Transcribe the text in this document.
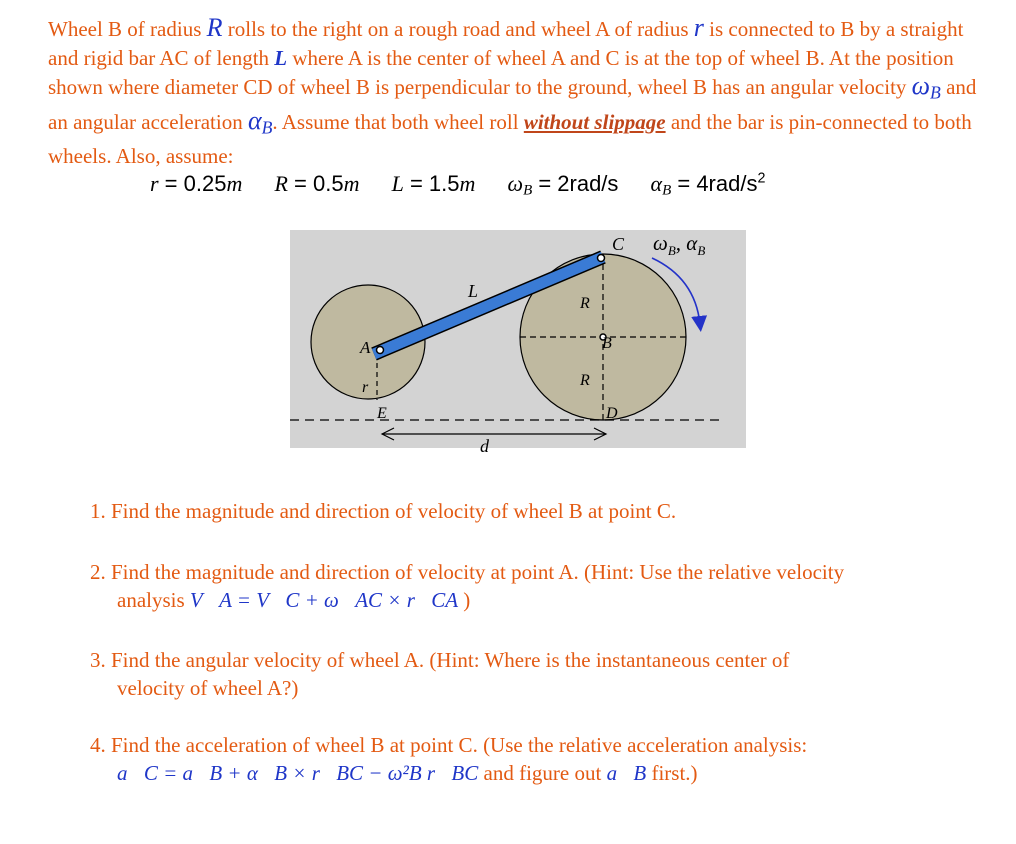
Wheel B of radius R rolls to the right on a rough road and wheel A of radius r is connected to B by a straight and rigid bar AC of length L where A is the center of wheel A and C is at the top of wheel B. At the position shown where diameter CD of wheel B is perpendicular to the ground, wheel B has an angular velocity $\omega_B$ and an angular acceleration $\alpha_B$. Assume that both wheel roll without slippage and the bar is pin-connected to both wheels. Also, assume:
r = 0.25m R = 0.5m L = 1.5m $\omega_B = 2rad/s$ $\alpha_B = 4rad/s^2$
C $\omega_B$, $\alpha_B$
L
R
B
R
A
r
E	D
d
1. Find the magnitude and direction of velocity of wheel B at point C.
2. Find the magnitude and direction of velocity at point A. (Hint: Use the relative velocity
analysis V⃗A = V⃗C + ω⃗AC × r⃗CA )
3. Find the angular velocity of wheel A. (Hint: Where is the instantaneous center of
velocity of wheel A?)
4. Find the acceleration of wheel B at point C. (Use the relative acceleration analysis:
a⃗C = a⃗B + α⃗B × r⃗BC − ω²B r⃗BC and figure out a⃗B first.)
